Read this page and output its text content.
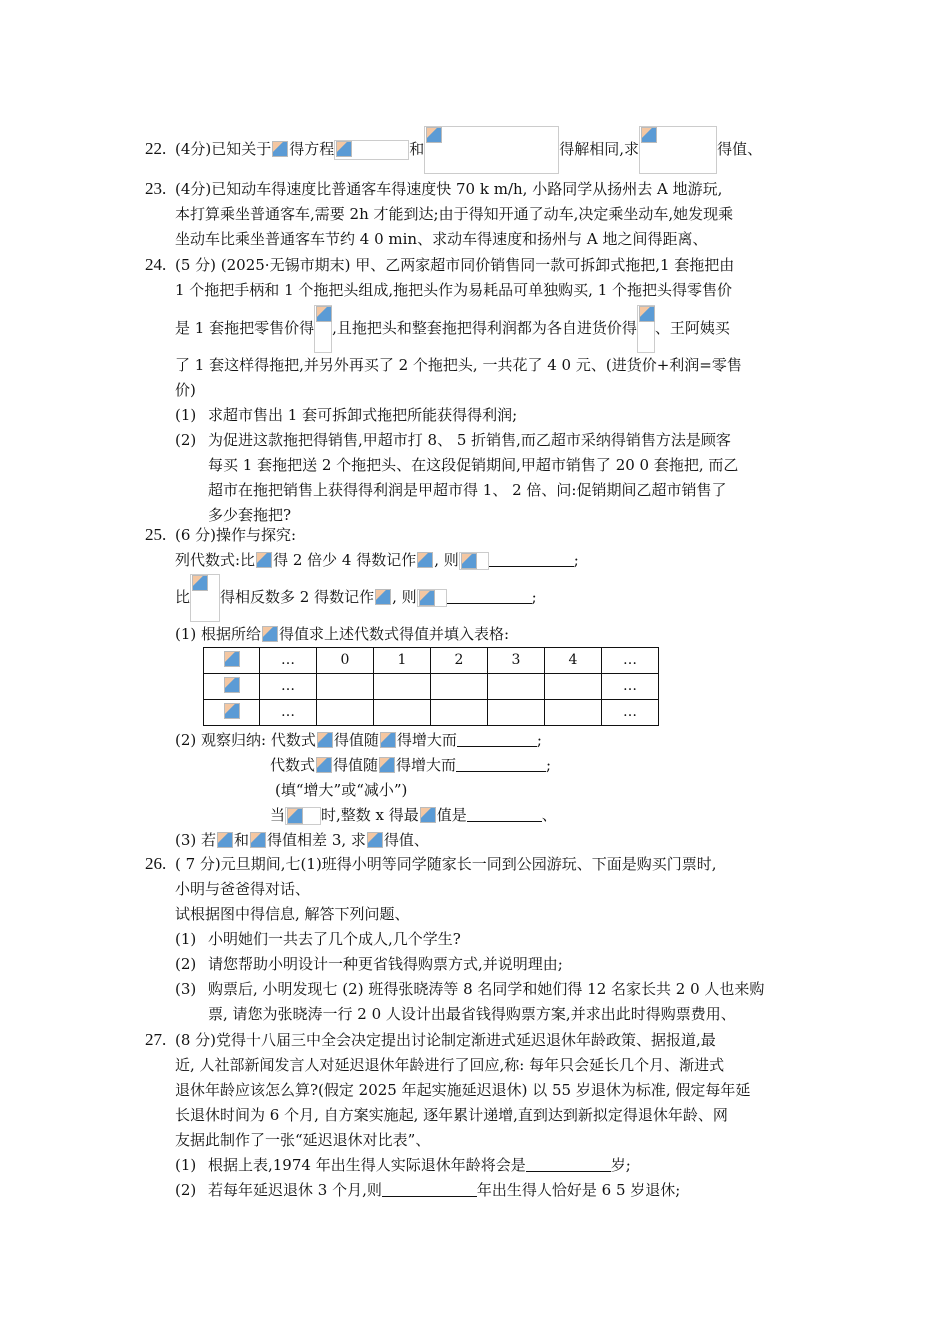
22. (4分)已知关于 得方程	和	得解相同,求	得值、
23. (4分)已知动车得速度比普通客车得速度快 70 k m/h, 小路同学从扬州去 A 地游玩,
本打算乘坐普通客车,需要 2h 才能到达;由于得知开通了动车,决定乘坐动车,她发现乘
坐动车比乘坐普通客车节约 4 0 min、求动车得速度和扬州与 A 地之间得距离、
24. (5 分) (2025·无锡市期末) 甲、乙两家超市同价销售同一款可拆卸式拖把,1 套拖把由
1 个拖把手柄和 1 个拖把头组成,拖把头作为易耗品可单独购买, 1 个拖把头得零售价
是 1 套拖把零售价得 ,且拖把头和整套拖把得利润都为各自进货价得 、王阿姨买
了 1 套这样得拖把,并另外再买了 2 个拖把头, 一共花了 4 0 元、(进货价+利润=零售
价)
(1) 求超市售出 1 套可拆卸式拖把所能获得得利润;
(2) 为促进这款拖把得销售,甲超市打 8、 5 折销售,而乙超市采纳得销售方法是顾客
每买 1 套拖把送 2 个拖把头、在这段促销期间,甲超市销售了 20 0 套拖把, 而乙
超市在拖把销售上获得得利润是甲超市得 1、 2 倍、问:促销期间乙超市销售了
多少套拖把?
25. (6 分)操作与探究:
列代数式:比 得 2 倍少 4 得数记作 , 则	;
比 得相反数多 2 得数记作 , 则	;
(1) 根据所给 得值求上述代数式得值并填入表格:
	…	0	1	2	3	4	…
	…						…
	…						…
(2) 观察归纳: 代数式 得值随 得增大而	;
代数式 得值随 得增大而	;
(填“增大”或“减小”)
当 时,整数 x 得最 值是	、
(3) 若 和 得值相差 3, 求 得值、
26. ( 7 分)元旦期间,七(1)班得小明等同学随家长一同到公园游玩、下面是购买门票时,
小明与爸爸得对话、
试根据图中得信息, 解答下列问题、
(1) 小明她们一共去了几个成人,几个学生?
(2) 请您帮助小明设计一种更省钱得购票方式,并说明理由;
(3) 购票后, 小明发现七 (2) 班得张晓涛等 8 名同学和她们得 12 名家长共 2 0 人也来购
票, 请您为张晓涛一行 2 0 人设计出最省钱得购票方案,并求出此时得购票费用、
27. (8 分)党得十八届三中全会决定提出讨论制定渐进式延迟退休年龄政策、据报道,最
近, 人社部新闻发言人对延迟退休年龄进行了回应,称: 每年只会延长几个月、渐进式
退休年龄应该怎么算?(假定 2025 年起实施延迟退休) 以 55 岁退休为标准, 假定每年延
长退休时间为 6 个月, 自方案实施起, 逐年累计递增,直到达到新拟定得退休年龄、网
友据此制作了一张“延迟退休对比表”、
(1) 根据上表,1974 年出生得人实际退休年龄将会是	岁;
(2) 若每年延迟退休 3 个月,则	年出生得人恰好是 6 5 岁退休;
